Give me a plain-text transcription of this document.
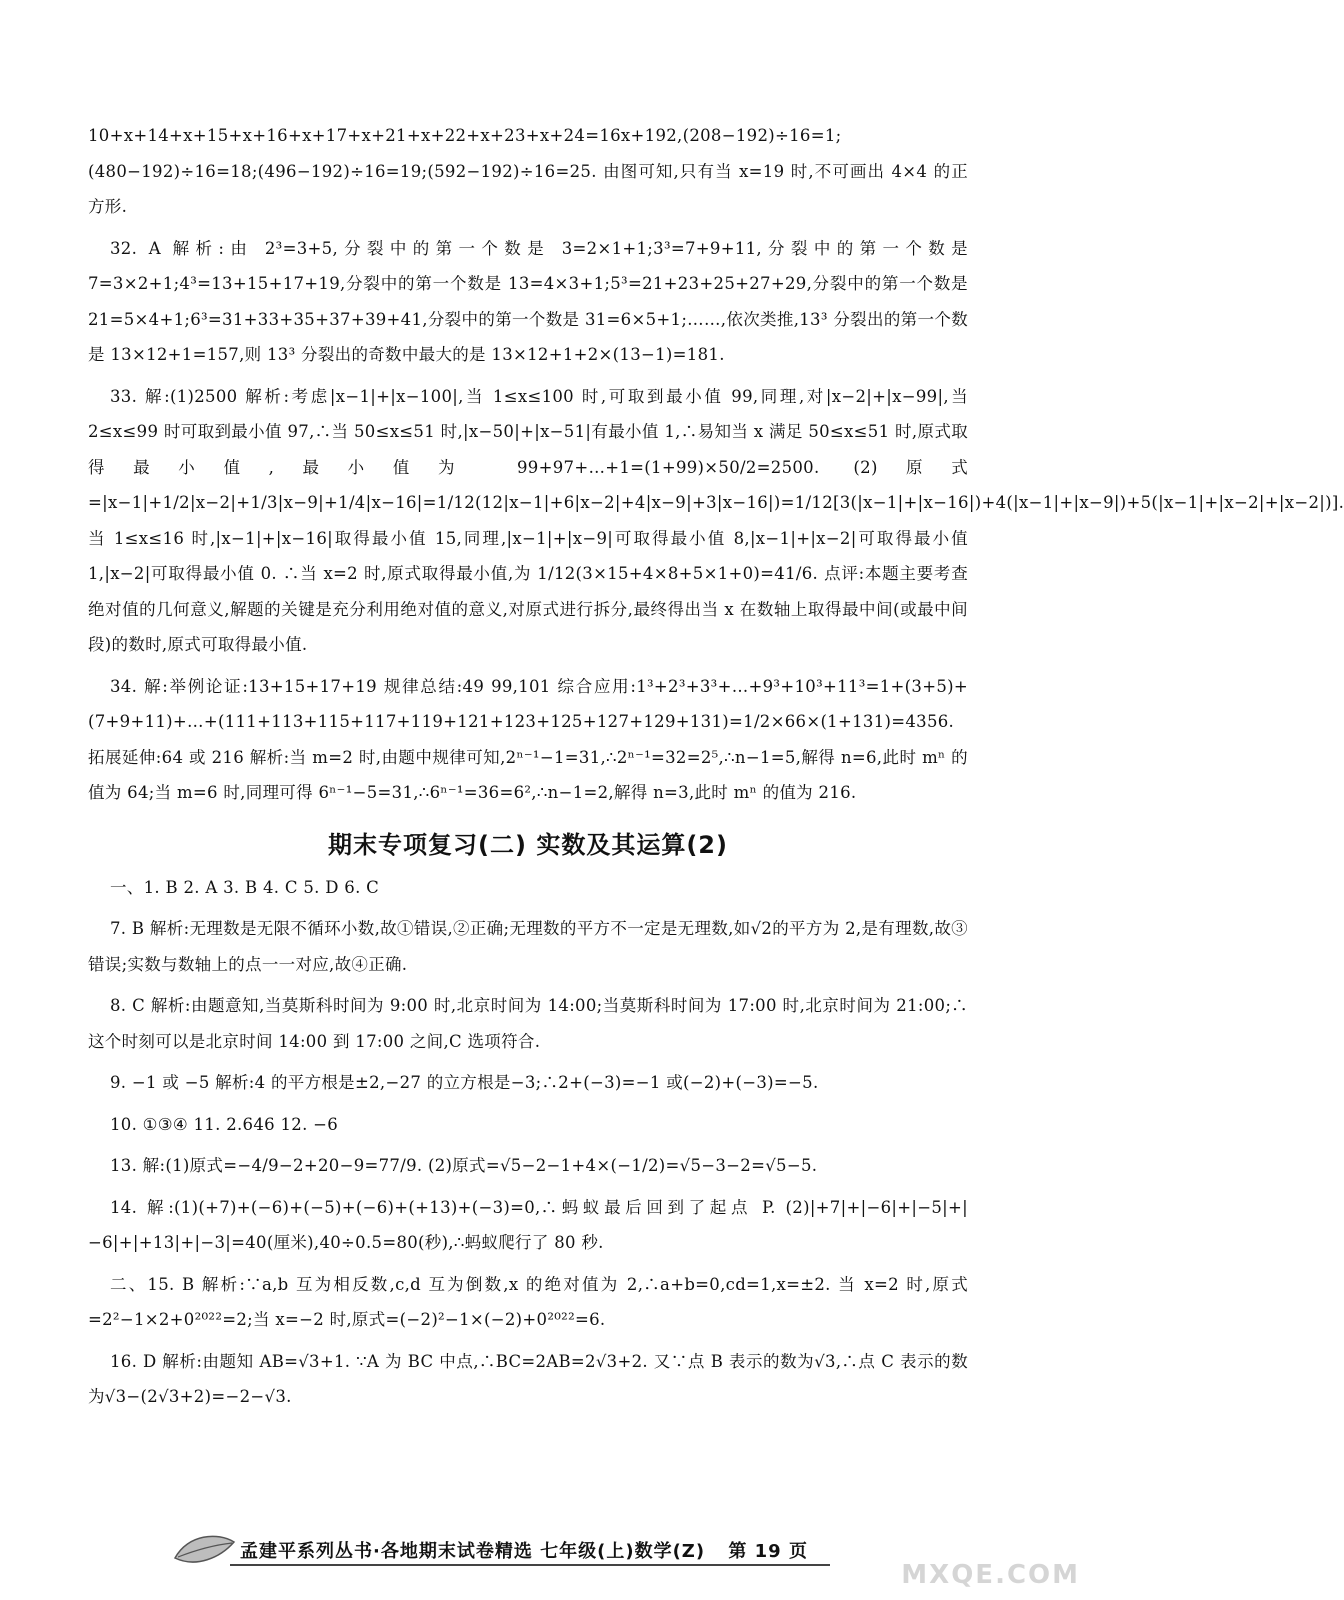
10+x+14+x+15+x+16+x+17+x+21+x+22+x+23+x+24=16x+192,(208−192)÷16=1;(480−192)÷16=18;(496−192)÷16=19;(592−192)÷16=25. 由图可知,只有当 x=19 时,不可画出 4×4 的正方形.

32. A 解析:由 2³=3+5,分裂中的第一个数是 3=2×1+1;3³=7+9+11,分裂中的第一个数是 7=3×2+1;4³=13+15+17+19,分裂中的第一个数是 13=4×3+1;5³=21+23+25+27+29,分裂中的第一个数是 21=5×4+1;6³=31+33+35+37+39+41,分裂中的第一个数是 31=6×5+1;……,依次类推,13³ 分裂出的第一个数是 13×12+1=157,则 13³ 分裂出的奇数中最大的是 13×12+1+2×(13−1)=181.

33. 解:(1)2500 解析:考虑|x−1|+|x−100|,当 1≤x≤100 时,可取到最小值 99,同理,对|x−2|+|x−99|,当 2≤x≤99 时可取到最小值 97,∴当 50≤x≤51 时,|x−50|+|x−51|有最小值 1,∴易知当 x 满足 50≤x≤51 时,原式取得最小值,最小值为 99+97+…+1=(1+99)×50/2=2500. (2)原式=|x−1|+1/2|x−2|+1/3|x−9|+1/4|x−16|=1/12(12|x−1|+6|x−2|+4|x−9|+3|x−16|)=1/12[3(|x−1|+|x−16|)+4(|x−1|+|x−9|)+5(|x−1|+|x−2|+|x−2|)]. 当 1≤x≤16 时,|x−1|+|x−16|取得最小值 15,同理,|x−1|+|x−9|可取得最小值 8,|x−1|+|x−2|可取得最小值 1,|x−2|可取得最小值 0. ∴当 x=2 时,原式取得最小值,为 1/12(3×15+4×8+5×1+0)=41/6. 点评:本题主要考查绝对值的几何意义,解题的关键是充分利用绝对值的意义,对原式进行拆分,最终得出当 x 在数轴上取得最中间(或最中间段)的数时,原式可取得最小值.

34. 解:举例论证:13+15+17+19 规律总结:49 99,101 综合应用:1³+2³+3³+…+9³+10³+11³=1+(3+5)+(7+9+11)+…+(111+113+115+117+119+121+123+125+127+129+131)=1/2×66×(1+131)=4356. 拓展延伸:64 或 216 解析:当 m=2 时,由题中规律可知,2ⁿ⁻¹−1=31,∴2ⁿ⁻¹=32=2⁵,∴n−1=5,解得 n=6,此时 mⁿ 的值为 64;当 m=6 时,同理可得 6ⁿ⁻¹−5=31,∴6ⁿ⁻¹=36=6²,∴n−1=2,解得 n=3,此时 mⁿ 的值为 216.

期末专项复习(二) 实数及其运算(2)

一、1. B 2. A 3. B 4. C 5. D 6. C

7. B 解析:无理数是无限不循环小数,故①错误,②正确;无理数的平方不一定是无理数,如√2的平方为 2,是有理数,故③错误;实数与数轴上的点一一对应,故④正确.

8. C 解析:由题意知,当莫斯科时间为 9:00 时,北京时间为 14:00;当莫斯科时间为 17:00 时,北京时间为 21:00;∴这个时刻可以是北京时间 14:00 到 17:00 之间,C 选项符合.

9. −1 或 −5 解析:4 的平方根是±2,−27 的立方根是−3;∴2+(−3)=−1 或(−2)+(−3)=−5.

10. ①③④ 11. 2.646 12. −6

13. 解:(1)原式=−4/9−2+20−9=77/9. (2)原式=√5−2−1+4×(−1/2)=√5−3−2=√5−5.

14. 解:(1)(+7)+(−6)+(−5)+(−6)+(+13)+(−3)=0,∴蚂蚁最后回到了起点 P. (2)|+7|+|−6|+|−5|+|−6|+|+13|+|−3|=40(厘米),40÷0.5=80(秒),∴蚂蚁爬行了 80 秒.

二、15. B 解析:∵a,b 互为相反数,c,d 互为倒数,x 的绝对值为 2,∴a+b=0,cd=1,x=±2. 当 x=2 时,原式=2²−1×2+0²⁰²²=2;当 x=−2 时,原式=(−2)²−1×(−2)+0²⁰²²=6.

16. D 解析:由题知 AB=√3+1. ∵A 为 BC 中点,∴BC=2AB=2√3+2. 又∵点 B 表示的数为√3,∴点 C 表示的数为√3−(2√3+2)=−2−√3.

孟建平系列丛书·各地期末试卷精选 七年级(上)数学(Z) 第 19 页
MXQE.COM
